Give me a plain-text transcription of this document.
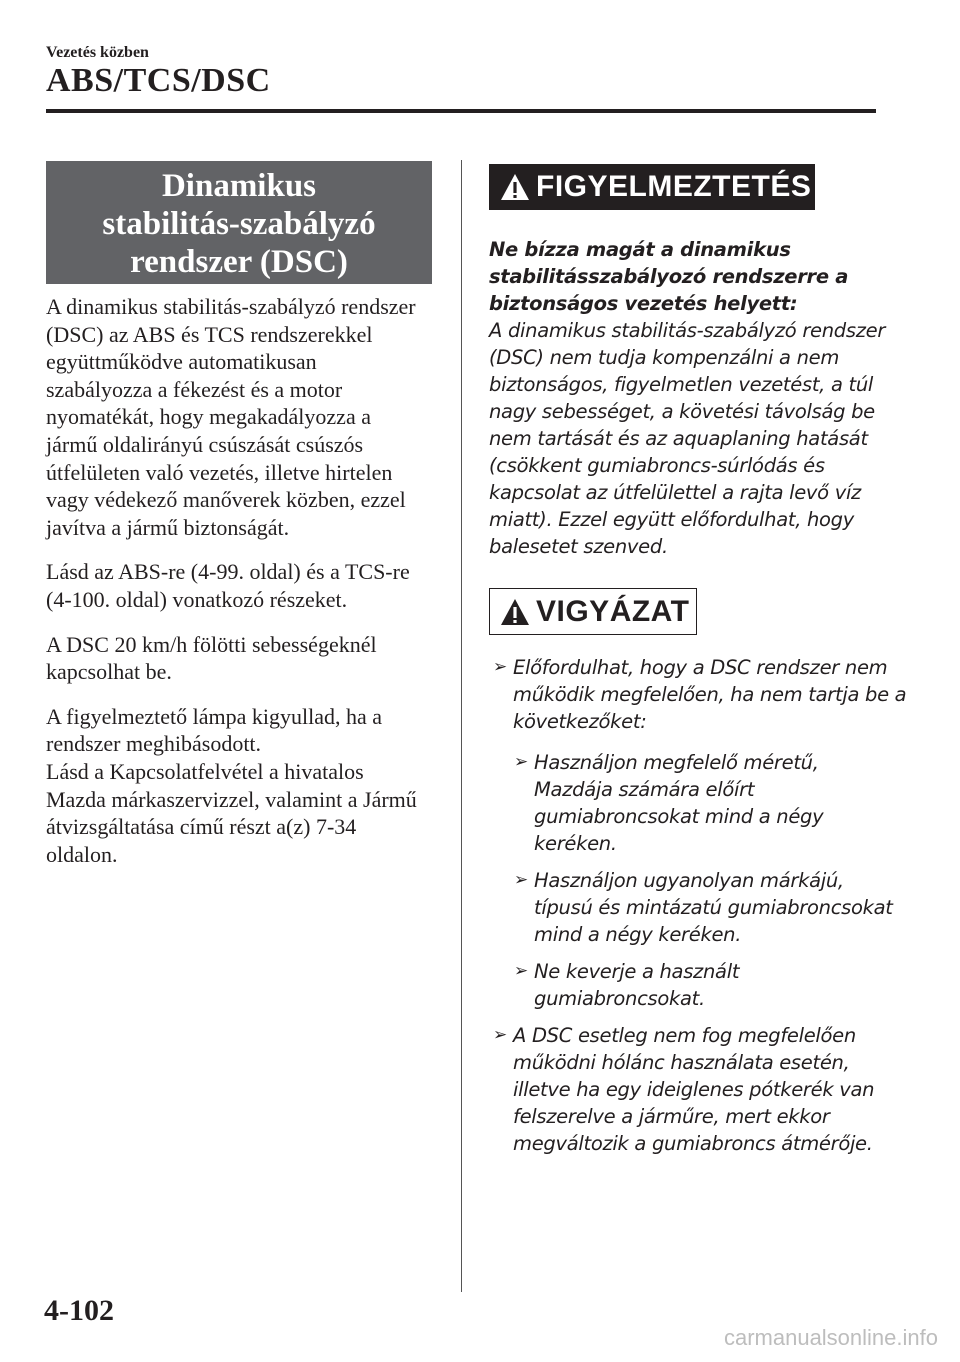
Vezetés közben
ABS/TCS/DSC
Dinamikus
stabilitás-szabályzó
rendszer (DSC)

A dinamikus stabilitás-szabályzó rendszer
(DSC) az ABS és TCS rendszerekkel
együttműködve automatikusan
szabályozza a fékezést és a motor
nyomatékát, hogy megakadályozza a
jármű oldalirányú csúszását csúszós
útfelületen való vezetés, illetve hirtelen
vagy védekező manőverek közben, ezzel
javítva a jármű biztonságát.

Lásd az ABS-re (4-99. oldal) és a TCS-re
(4-100. oldal) vonatkozó részeket.

A DSC 20 km/h fölötti sebességeknél
kapcsolhat be.

A figyelmeztető lámpa kigyullad, ha a
rendszer meghibásodott.
Lásd a Kapcsolatfelvétel a hivatalos
Mazda márkaszervizzel, valamint a Jármű
átvizsgáltatása című részt a(z) 7-34
oldalon.

FIGYELMEZTETÉS
Ne bízza magát a dinamikus
stabilitásszabályozó rendszerre a
biztonságos vezetés helyett:
A dinamikus stabilitás-szabályzó rendszer
(DSC) nem tudja kompenzálni a nem
biztonságos, figyelmetlen vezetést, a túl
nagy sebességet, a követési távolság be
nem tartását és az aquaplaning hatását
(csökkent gumiabroncs-súrlódás és
kapcsolat az útfelülettel a rajta levő víz
miatt). Ezzel együtt előfordulhat, hogy
balesetet szenved.
VIGYÁZAT
➢ Előfordulhat, hogy a DSC rendszer nem
működik megfelelően, ha nem tartja be a
következőket:
➢ Használjon megfelelő méretű,
Mazdája számára előírt
gumiabroncsokat mind a négy
keréken.
➢ Használjon ugyanolyan márkájú,
típusú és mintázatú gumiabroncsokat
mind a négy keréken.
➢ Ne keverje a használt
gumiabroncsokat.
➢ A DSC esetleg nem fog megfelelően
működni hólánc használata esetén,
illetve ha egy ideiglenes pótkerék van
felszerelve a járműre, mert ekkor
megváltozik a gumiabroncs átmérője.
4-102
carmanualsonline.info
